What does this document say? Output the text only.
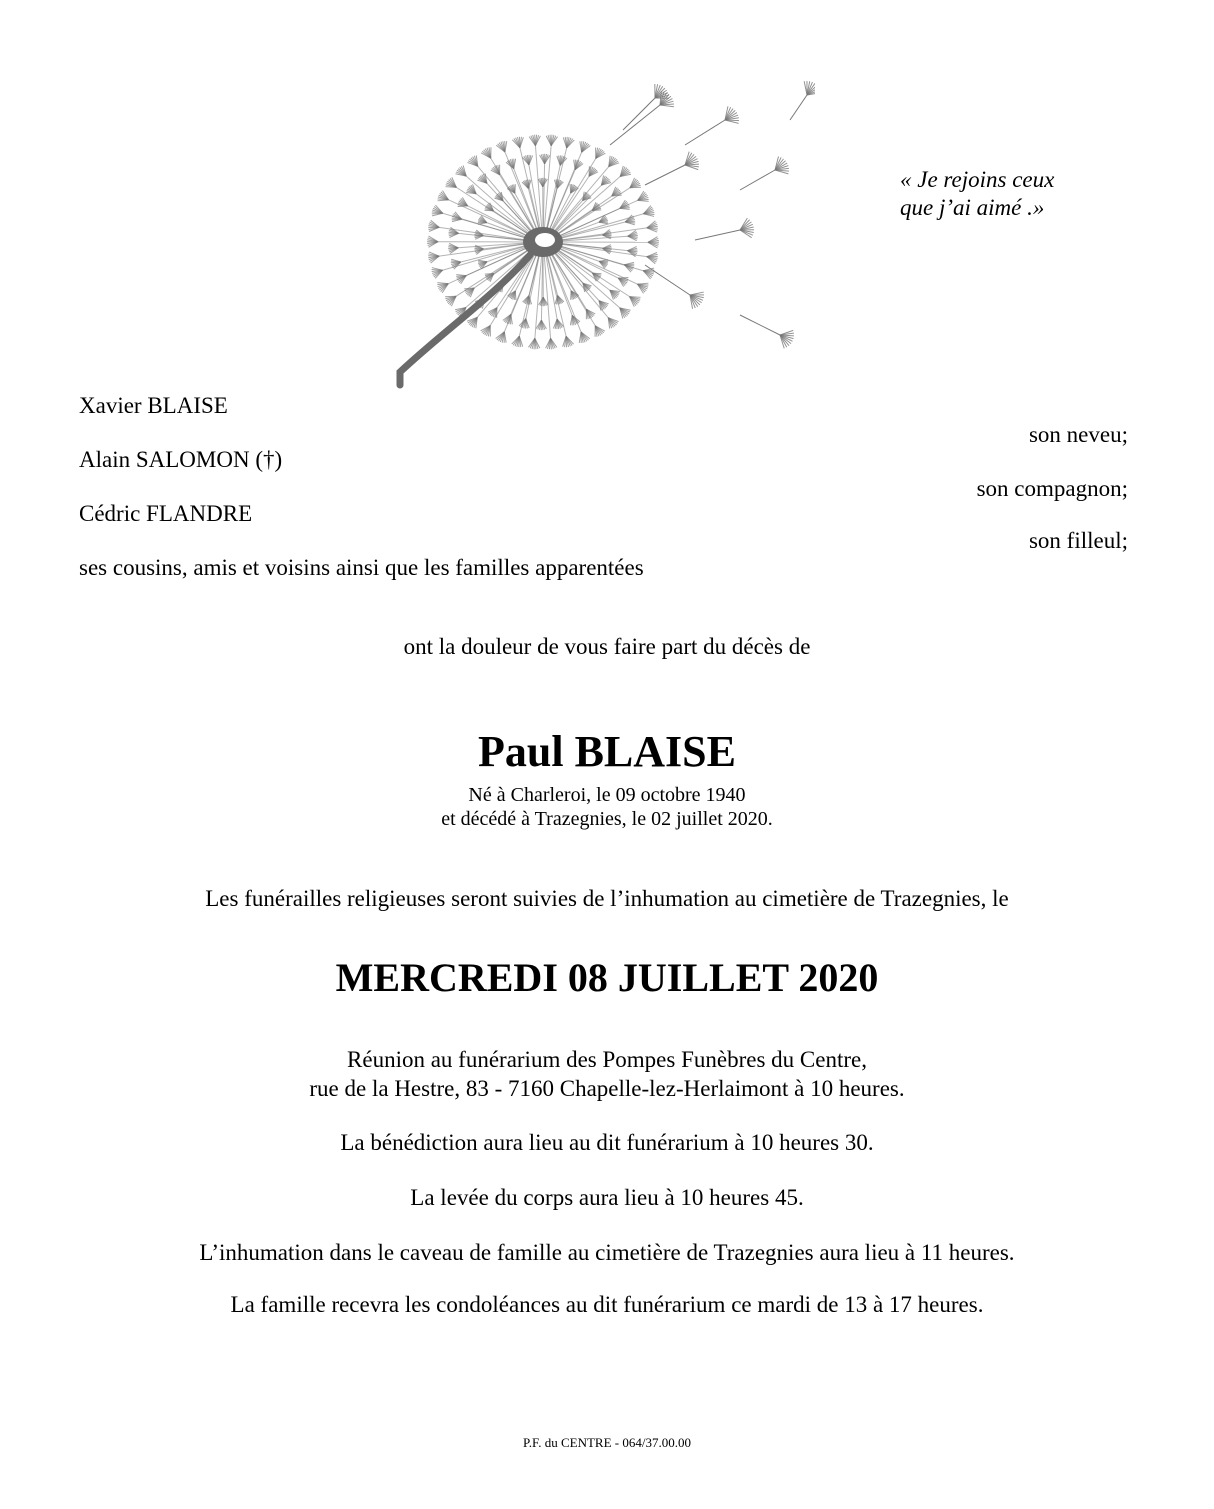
« Je rejoins ceux
que j’ai aimé .»
Xavier BLAISE
son neveu;
Alain SALOMON (†)
son compagnon;
Cédric FLANDRE
son filleul;
ses cousins, amis et voisins ainsi que les familles apparentées
ont la douleur de vous faire part du décès de
Paul BLAISE
Né à Charleroi, le 09 octobre 1940
et décédé à Trazegnies, le 02 juillet 2020.
Les funérailles religieuses seront suivies de l’inhumation au cimetière de Trazegnies, le
MERCREDI 08 JUILLET 2020
Réunion au funérarium des Pompes Funèbres du Centre,
rue de la Hestre, 83 - 7160 Chapelle-lez-Herlaimont à 10 heures.
La bénédiction aura lieu au dit funérarium à 10 heures 30.
La levée du corps aura lieu à 10 heures 45.
L’inhumation dans le caveau de famille au cimetière de Trazegnies aura lieu à 11 heures.
La famille recevra les condoléances au dit funérarium ce mardi de 13 à 17 heures.
P.F. du CENTRE - 064/37.00.00
